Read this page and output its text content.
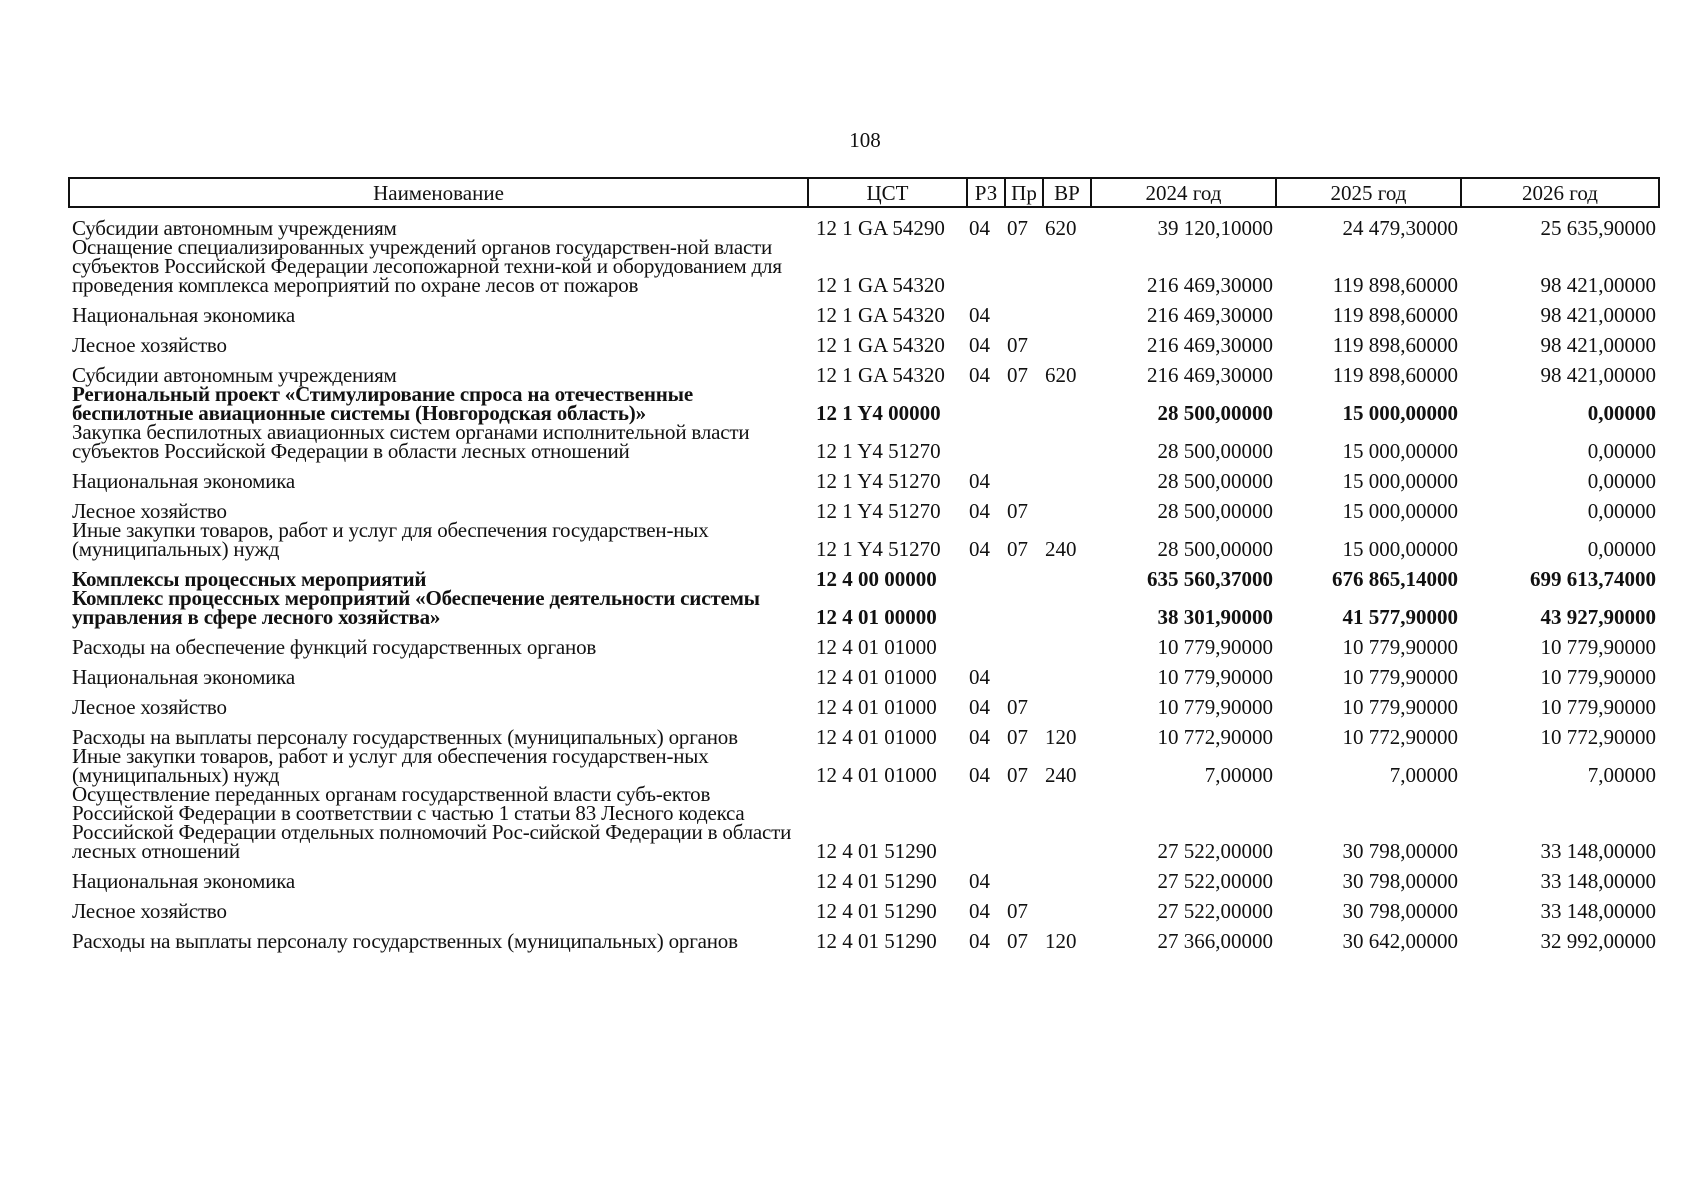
108
Наименование	ЦСТ	РЗ	Пр	ВР	2024 год	2025 год	2026 год
Субсидии автономным учреждениям	12 1 GA 54290	04	07	620	39 120,10000	24 479,30000	25 635,90000
Оснащение специализированных учреждений органов государствен-ной власти субъектов Российской Федерации лесопожарной техни-кой и оборудованием для проведения комплекса мероприятий по охране лесов от пожаров	12 1 GA 54320				216 469,30000	119 898,60000	98 421,00000
Национальная экономика	12 1 GA 54320	04			216 469,30000	119 898,60000	98 421,00000
Лесное хозяйство	12 1 GA 54320	04	07		216 469,30000	119 898,60000	98 421,00000
Субсидии автономным учреждениям	12 1 GA 54320	04	07	620	216 469,30000	119 898,60000	98 421,00000
Региональный проект «Стимулирование спроса на отечественные беспилотные авиационные системы (Новгородская область)»	12 1 Y4 00000				28 500,00000	15 000,00000	0,00000
Закупка беспилотных авиационных систем органами исполнительной власти субъектов Российской Федерации в области лесных отношений	12 1 Y4 51270				28 500,00000	15 000,00000	0,00000
Национальная экономика	12 1 Y4 51270	04			28 500,00000	15 000,00000	0,00000
Лесное хозяйство	12 1 Y4 51270	04	07		28 500,00000	15 000,00000	0,00000
Иные закупки товаров, работ и услуг для обеспечения государствен-ных (муниципальных) нужд	12 1 Y4 51270	04	07	240	28 500,00000	15 000,00000	0,00000
Комплексы процессных мероприятий	12 4 00 00000				635 560,37000	676 865,14000	699 613,74000
Комплекс процессных мероприятий «Обеспечение деятельности системы управления в сфере лесного хозяйства»	12 4 01 00000				38 301,90000	41 577,90000	43 927,90000
Расходы на обеспечение функций государственных органов	12 4 01 01000				10 779,90000	10 779,90000	10 779,90000
Национальная экономика	12 4 01 01000	04			10 779,90000	10 779,90000	10 779,90000
Лесное хозяйство	12 4 01 01000	04	07		10 779,90000	10 779,90000	10 779,90000
Расходы на выплаты персоналу государственных (муниципальных) органов	12 4 01 01000	04	07	120	10 772,90000	10 772,90000	10 772,90000
Иные закупки товаров, работ и услуг для обеспечения государствен-ных (муниципальных) нужд	12 4 01 01000	04	07	240	7,00000	7,00000	7,00000
Осуществление переданных органам государственной власти субъ-ектов Российской Федерации в соответствии с частью 1 статьи 83 Лесного кодекса Российской Федерации отдельных полномочий Рос-сийской Федерации в области лесных отношений	12 4 01 51290				27 522,00000	30 798,00000	33 148,00000
Национальная экономика	12 4 01 51290	04			27 522,00000	30 798,00000	33 148,00000
Лесное хозяйство	12 4 01 51290	04	07		27 522,00000	30 798,00000	33 148,00000
Расходы на выплаты персоналу государственных (муниципальных) органов	12 4 01 51290	04	07	120	27 366,00000	30 642,00000	32 992,00000
